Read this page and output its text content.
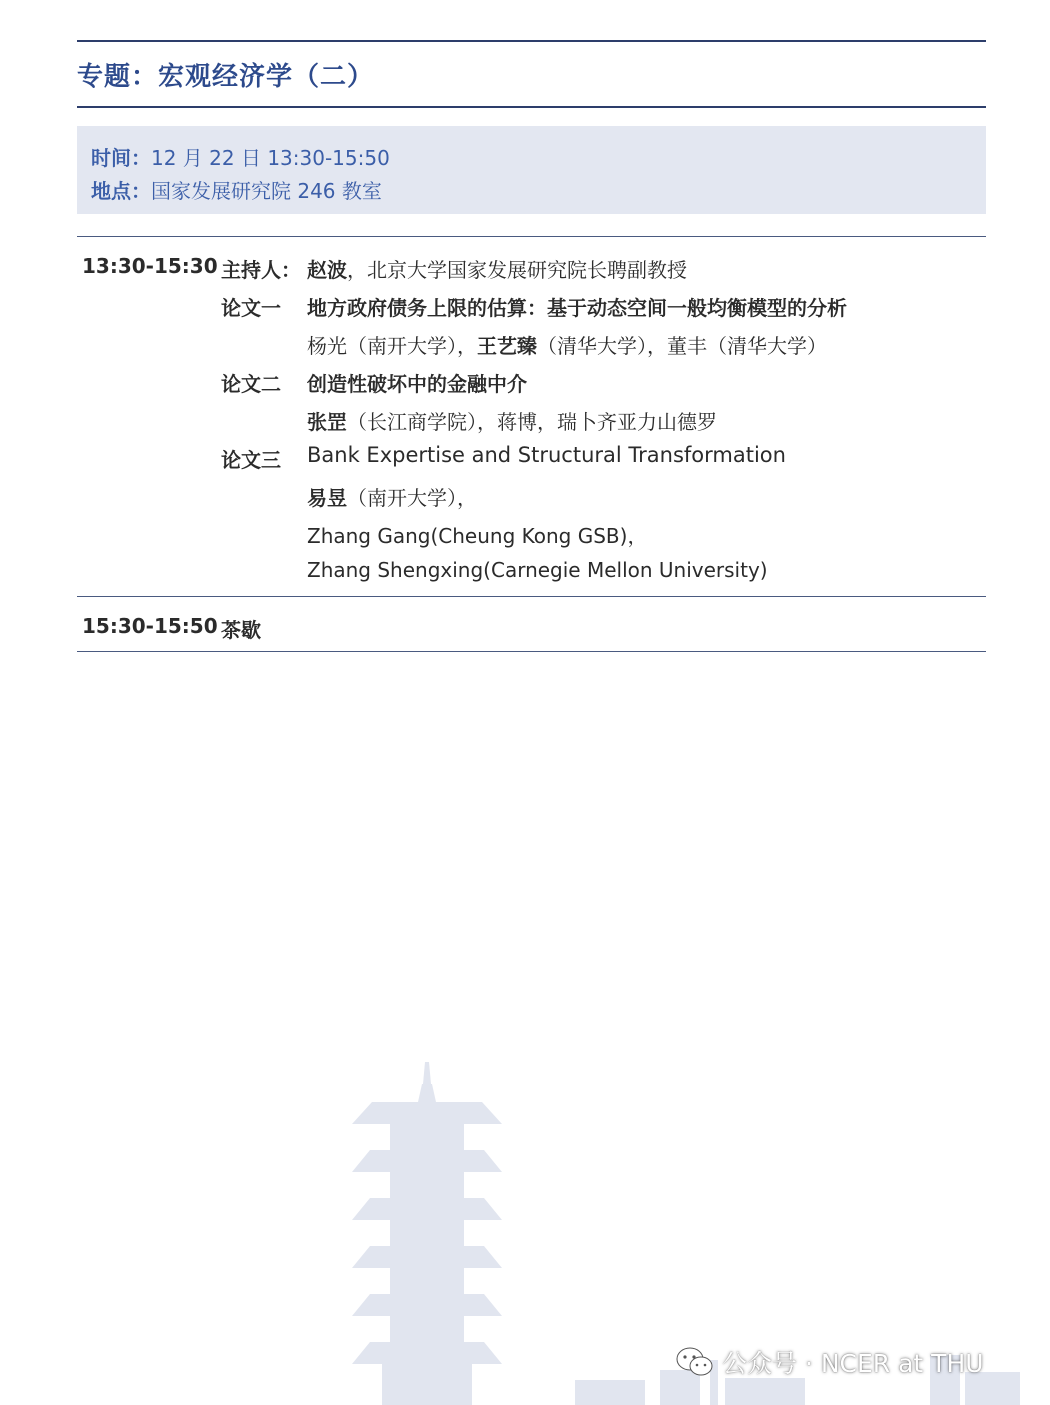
专题：宏观经济学（二）
时间：12 月 22 日 13:30-15:50
地点：国家发展研究院 246 教室
13:30-15:30 主持人： 赵波，北京大学国家发展研究院长聘副教授
论文一 地方政府债务上限的估算：基于动态空间一般均衡模型的分析
杨光（南开大学），王艺臻（清华大学），董丰（清华大学）
论文二 创造性破坏中的金融中介
张罡（长江商学院），蒋博，瑞卜齐亚力山德罗
论文三 Bank Expertise and Structural Transformation
易昱（南开大学），
Zhang Gang(Cheung Kong GSB)，
Zhang Shengxing(Carnegie Mellon University)
15:30-15:50 茶歇
公众号 · NCER at THU
